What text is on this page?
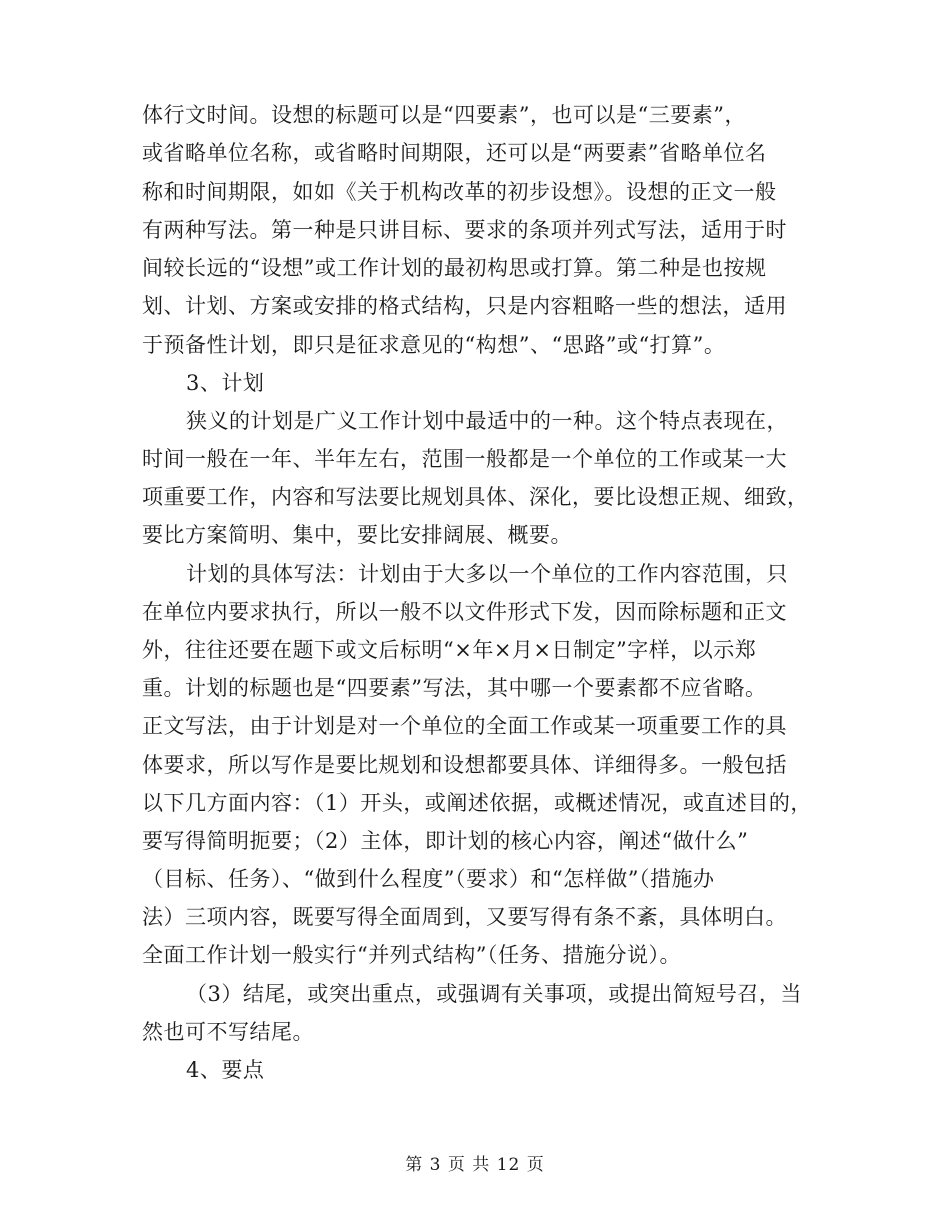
体行文时间。设想的标题可以是“四要素”，也可以是“三要素”，
或省略单位名称，或省略时间期限，还可以是“两要素”省略单位名
称和时间期限，如如《关于机构改革的初步设想》。设想的正文一般
有两种写法。第一种是只讲目标、要求的条项并列式写法，适用于时
间较长远的“设想”或工作计划的最初构思或打算。第二种是也按规
划、计划、方案或安排的格式结构，只是内容粗略一些的想法，适用
于预备性计划，即只是征求意见的“构想”、“思路”或“打算”。
3、计划
狭义的计划是广义工作计划中最适中的一种。这个特点表现在，
时间一般在一年、半年左右，范围一般都是一个单位的工作或某一大
项重要工作，内容和写法要比规划具体、深化，要比设想正规、细致，
要比方案简明、集中，要比安排阔展、概要。
计划的具体写法：计划由于大多以一个单位的工作内容范围，只
在单位内要求执行，所以一般不以文件形式下发，因而除标题和正文
外，往往还要在题下或文后标明“×年×月×日制定”字样，以示郑
重。计划的标题也是“四要素”写法，其中哪一个要素都不应省略。
正文写法，由于计划是对一个单位的全面工作或某一项重要工作的具
体要求，所以写作是要比规划和设想都要具体、详细得多。一般包括
以下几方面内容：（1）开头，或阐述依据，或概述情况，或直述目的，
要写得简明扼要；（2）主体，即计划的核心内容，阐述“做什么”
（目标、任务）、“做到什么程度”（要求）和“怎样做”（措施办
法）三项内容，既要写得全面周到，又要写得有条不紊，具体明白。
全面工作计划一般实行“并列式结构”（任务、措施分说）。
（3）结尾，或突出重点，或强调有关事项，或提出简短号召，当
然也可不写结尾。
4、要点
第 3 页 共 12 页
